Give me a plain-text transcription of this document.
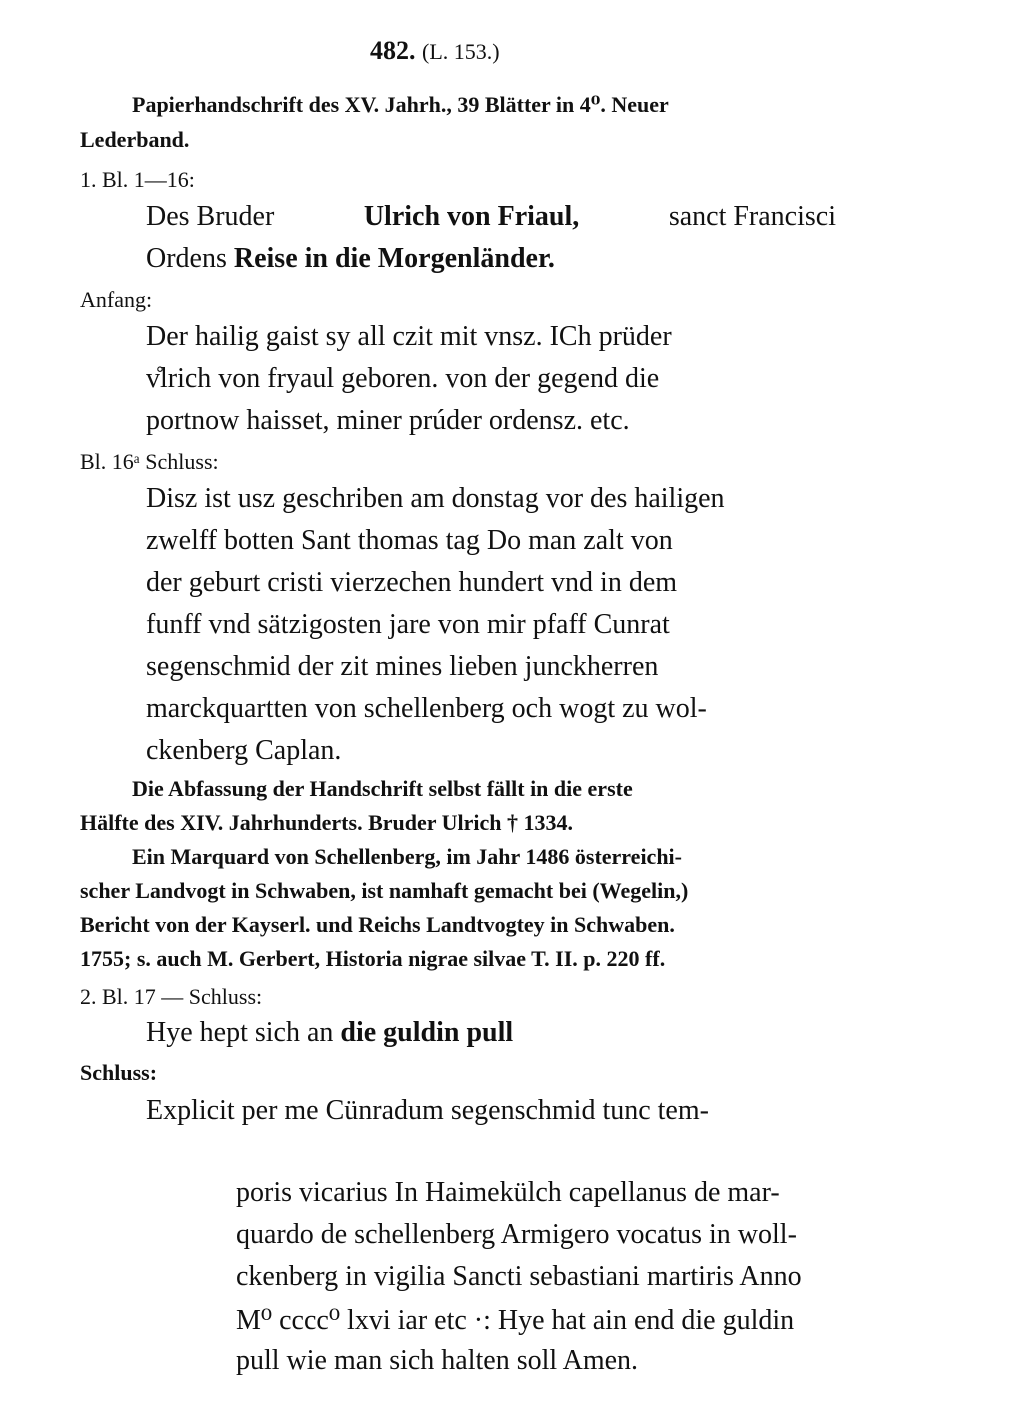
482. (L. 153.)
Papierhandschrift des XV. Jahrh., 39 Blätter in 4⁰. Neuer
Lederband.
1. Bl. 1—16:
Des Bruder	Ulrich von Friaul,	sanct Francisci
Ordens Reise in die Morgenländer.
Anfang:
Der hailig gaist sy all czit mit vnsz. ICh prüder
v̊lrich von fryaul geboren. von der gegend die
portnow haisset, miner prúder ordensz. etc.
Bl. 16ᵃ Schluss:
Disz ist usz geschriben am donstag vor des hailigen
zwelff botten Sant thomas tag Do man zalt von
der geburt cristi vierzechen hundert vnd in dem
funff vnd sätzigosten jare von mir pfaff Cunrat
segenschmid der zit mines lieben junckherren
marckquartten von schellenberg och wogt zu wol-
ckenberg Caplan.
Die Abfassung der Handschrift selbst fällt in die erste
Hälfte des XIV. Jahrhunderts. Bruder Ulrich † 1334.
Ein Marquard von Schellenberg, im Jahr 1486 österreichi-
scher Landvogt in Schwaben, ist namhaft gemacht bei (Wegelin,)
Bericht von der Kayserl. und Reichs Landtvogtey in Schwaben.
1755; s. auch M. Gerbert, Historia nigrae silvae T. II. p. 220 ff.
2. Bl. 17 — Schluss:
Hye hept sich an die guldin pull
Schluss:
Explicit per me Cünradum segenschmid tunc tem-
poris vicarius In Haimekülch capellanus de mar-
quardo de schellenberg Armigero vocatus in woll-
ckenberg in vigilia Sancti sebastiani martiris Anno
M⁰ cccc⁰ lxvi iar etc ·: Hye hat ain end die guldin
pull wie man sich halten soll Amen.
